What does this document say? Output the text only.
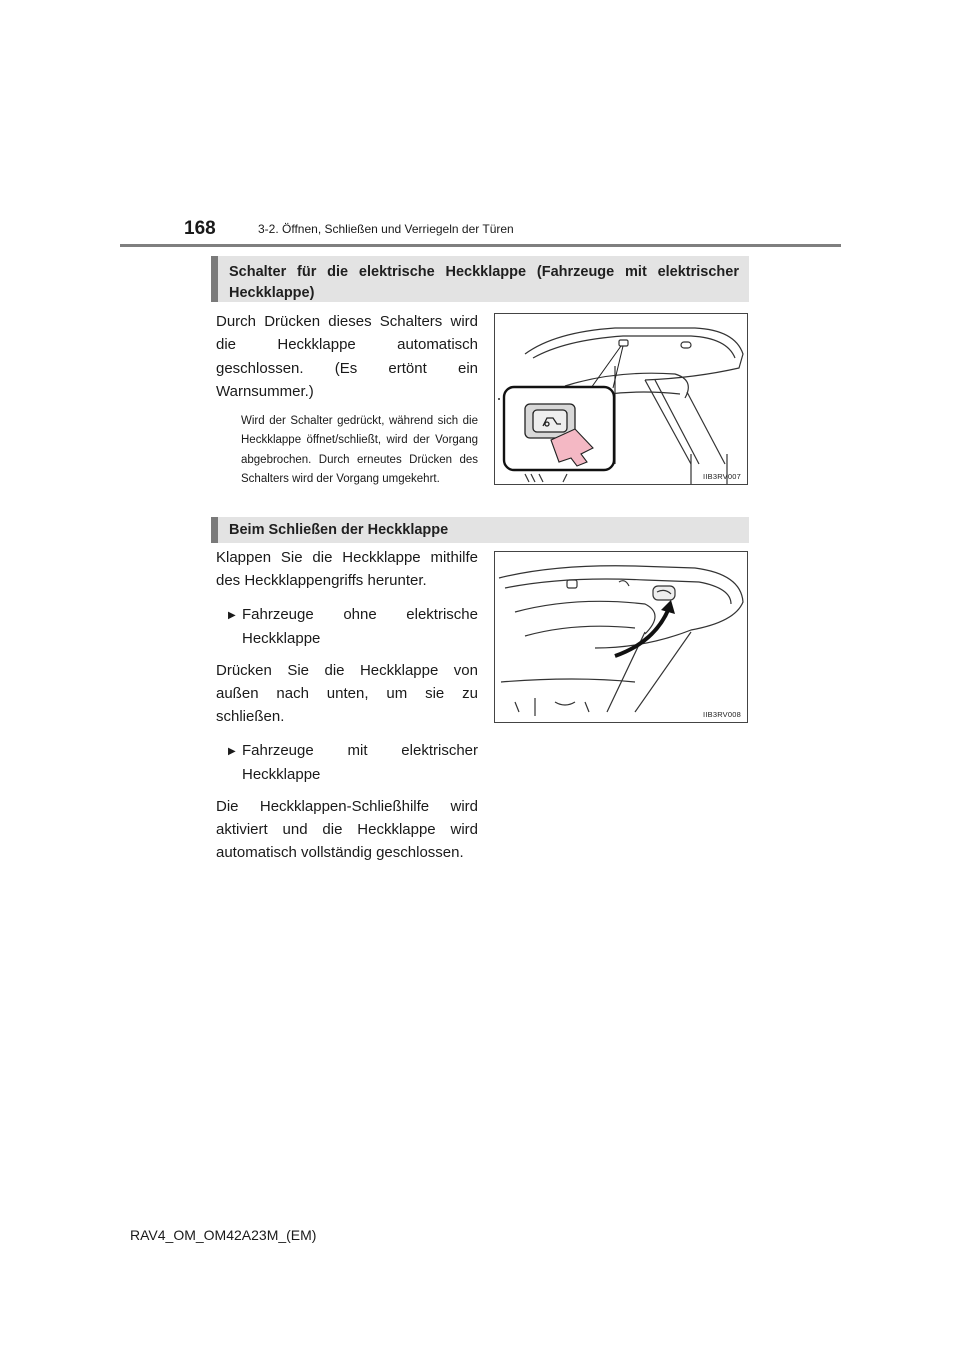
168	3-2. Öffnen, Schließen und Verriegeln der Türen
Schalter für die elektrische Heckklappe (Fahrzeuge mit elektrischer Heckklappe)

Durch Drücken dieses Schalters wird die Heckklappe automatisch geschlossen. (Es ertönt ein Warnsummer.)

Wird der Schalter gedrückt, während sich die Heckklappe öffnet/schließt, wird der Vorgang abgebrochen. Durch erneutes Drücken des Schalters wird der Vorgang umgekehrt.	IIB3RV007
Beim Schließen der Heckklappe

Klappen Sie die Heckklappe mithilfe des Heckklappengriffs herunter.

▶ Fahrzeuge ohne elektrische Heckklappe

Drücken Sie die Heckklappe von außen nach unten, um sie zu schließen.

▶ Fahrzeuge mit elektrischer Heckklappe

Die Heckklappen-Schließhilfe wird aktiviert und die Heckklappe wird automatisch vollständig geschlossen.

IIB3RV008
RAV4_OM_OM42A23M_(EM)
